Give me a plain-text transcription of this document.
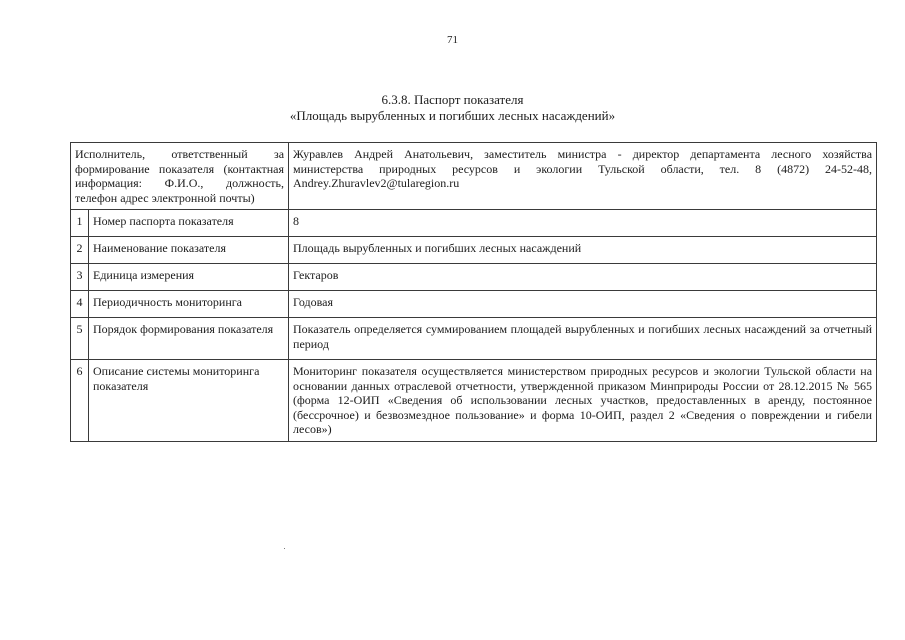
71
6.3.8. Паспорт показателя
«Площадь вырубленных и погибших лесных насаждений»
Исполнитель, ответственный за формирование показателя (контактная информация: Ф.И.О., должность, телефон адрес электронной почты)		Журавлев Андрей Анатольевич, заместитель министра - директор департамента лесного хозяйства министерства природных ресурсов и экологии Тульской области, тел. 8 (4872) 24-52-48, Andrey.Zhuravlev2@tularegion.ru
1	Номер паспорта показателя	8
2	Наименование показателя	Площадь вырубленных и погибших лесных насаждений
3	Единица измерения	Гектаров
4	Периодичность мониторинга	Годовая
5	Порядок формирования показателя	Показатель определяется суммированием площадей вырубленных и погибших лесных насаждений за отчетный период
6	Описание системы мониторинга показателя	Мониторинг показателя осуществляется министерством природных ресурсов и экологии Тульской области на основании данных отраслевой отчетности, утвержденной приказом Минприроды России от 28.12.2015 № 565 (форма 12-ОИП «Сведения об использовании лесных участков, предоставленных в аренду, постоянное (бессрочное) и безвозмездное пользование» и форма 10-ОИП, раздел 2 «Сведения о повреждении и гибели лесов»)
